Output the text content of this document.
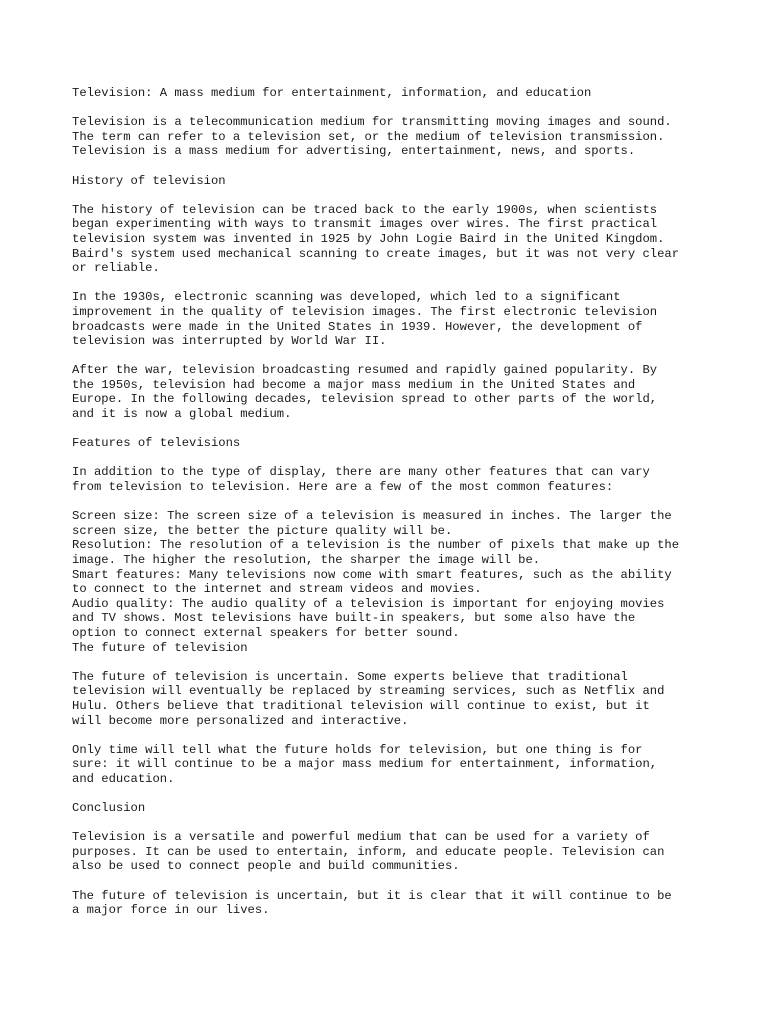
Television: A mass medium for entertainment, information, and education
Television is a telecommunication medium for transmitting moving images and sound.
The term can refer to a television set, or the medium of television transmission.
Television is a mass medium for advertising, entertainment, news, and sports.
History of television
The history of television can be traced back to the early 1900s, when scientists
began experimenting with ways to transmit images over wires. The first practical
television system was invented in 1925 by John Logie Baird in the United Kingdom.
Baird's system used mechanical scanning to create images, but it was not very clear
or reliable.
In the 1930s, electronic scanning was developed, which led to a significant
improvement in the quality of television images. The first electronic television
broadcasts were made in the United States in 1939. However, the development of
television was interrupted by World War II.
After the war, television broadcasting resumed and rapidly gained popularity. By
the 1950s, television had become a major mass medium in the United States and
Europe. In the following decades, television spread to other parts of the world,
and it is now a global medium.
Features of televisions
In addition to the type of display, there are many other features that can vary
from television to television. Here are a few of the most common features:
Screen size: The screen size of a television is measured in inches. The larger the
screen size, the better the picture quality will be.
Resolution: The resolution of a television is the number of pixels that make up the
image. The higher the resolution, the sharper the image will be.
Smart features: Many televisions now come with smart features, such as the ability
to connect to the internet and stream videos and movies.
Audio quality: The audio quality of a television is important for enjoying movies
and TV shows. Most televisions have built-in speakers, but some also have the
option to connect external speakers for better sound.
The future of television
The future of television is uncertain. Some experts believe that traditional
television will eventually be replaced by streaming services, such as Netflix and
Hulu. Others believe that traditional television will continue to exist, but it
will become more personalized and interactive.
Only time will tell what the future holds for television, but one thing is for
sure: it will continue to be a major mass medium for entertainment, information,
and education.
Conclusion
Television is a versatile and powerful medium that can be used for a variety of
purposes. It can be used to entertain, inform, and educate people. Television can
also be used to connect people and build communities.
The future of television is uncertain, but it is clear that it will continue to be
a major force in our lives.
